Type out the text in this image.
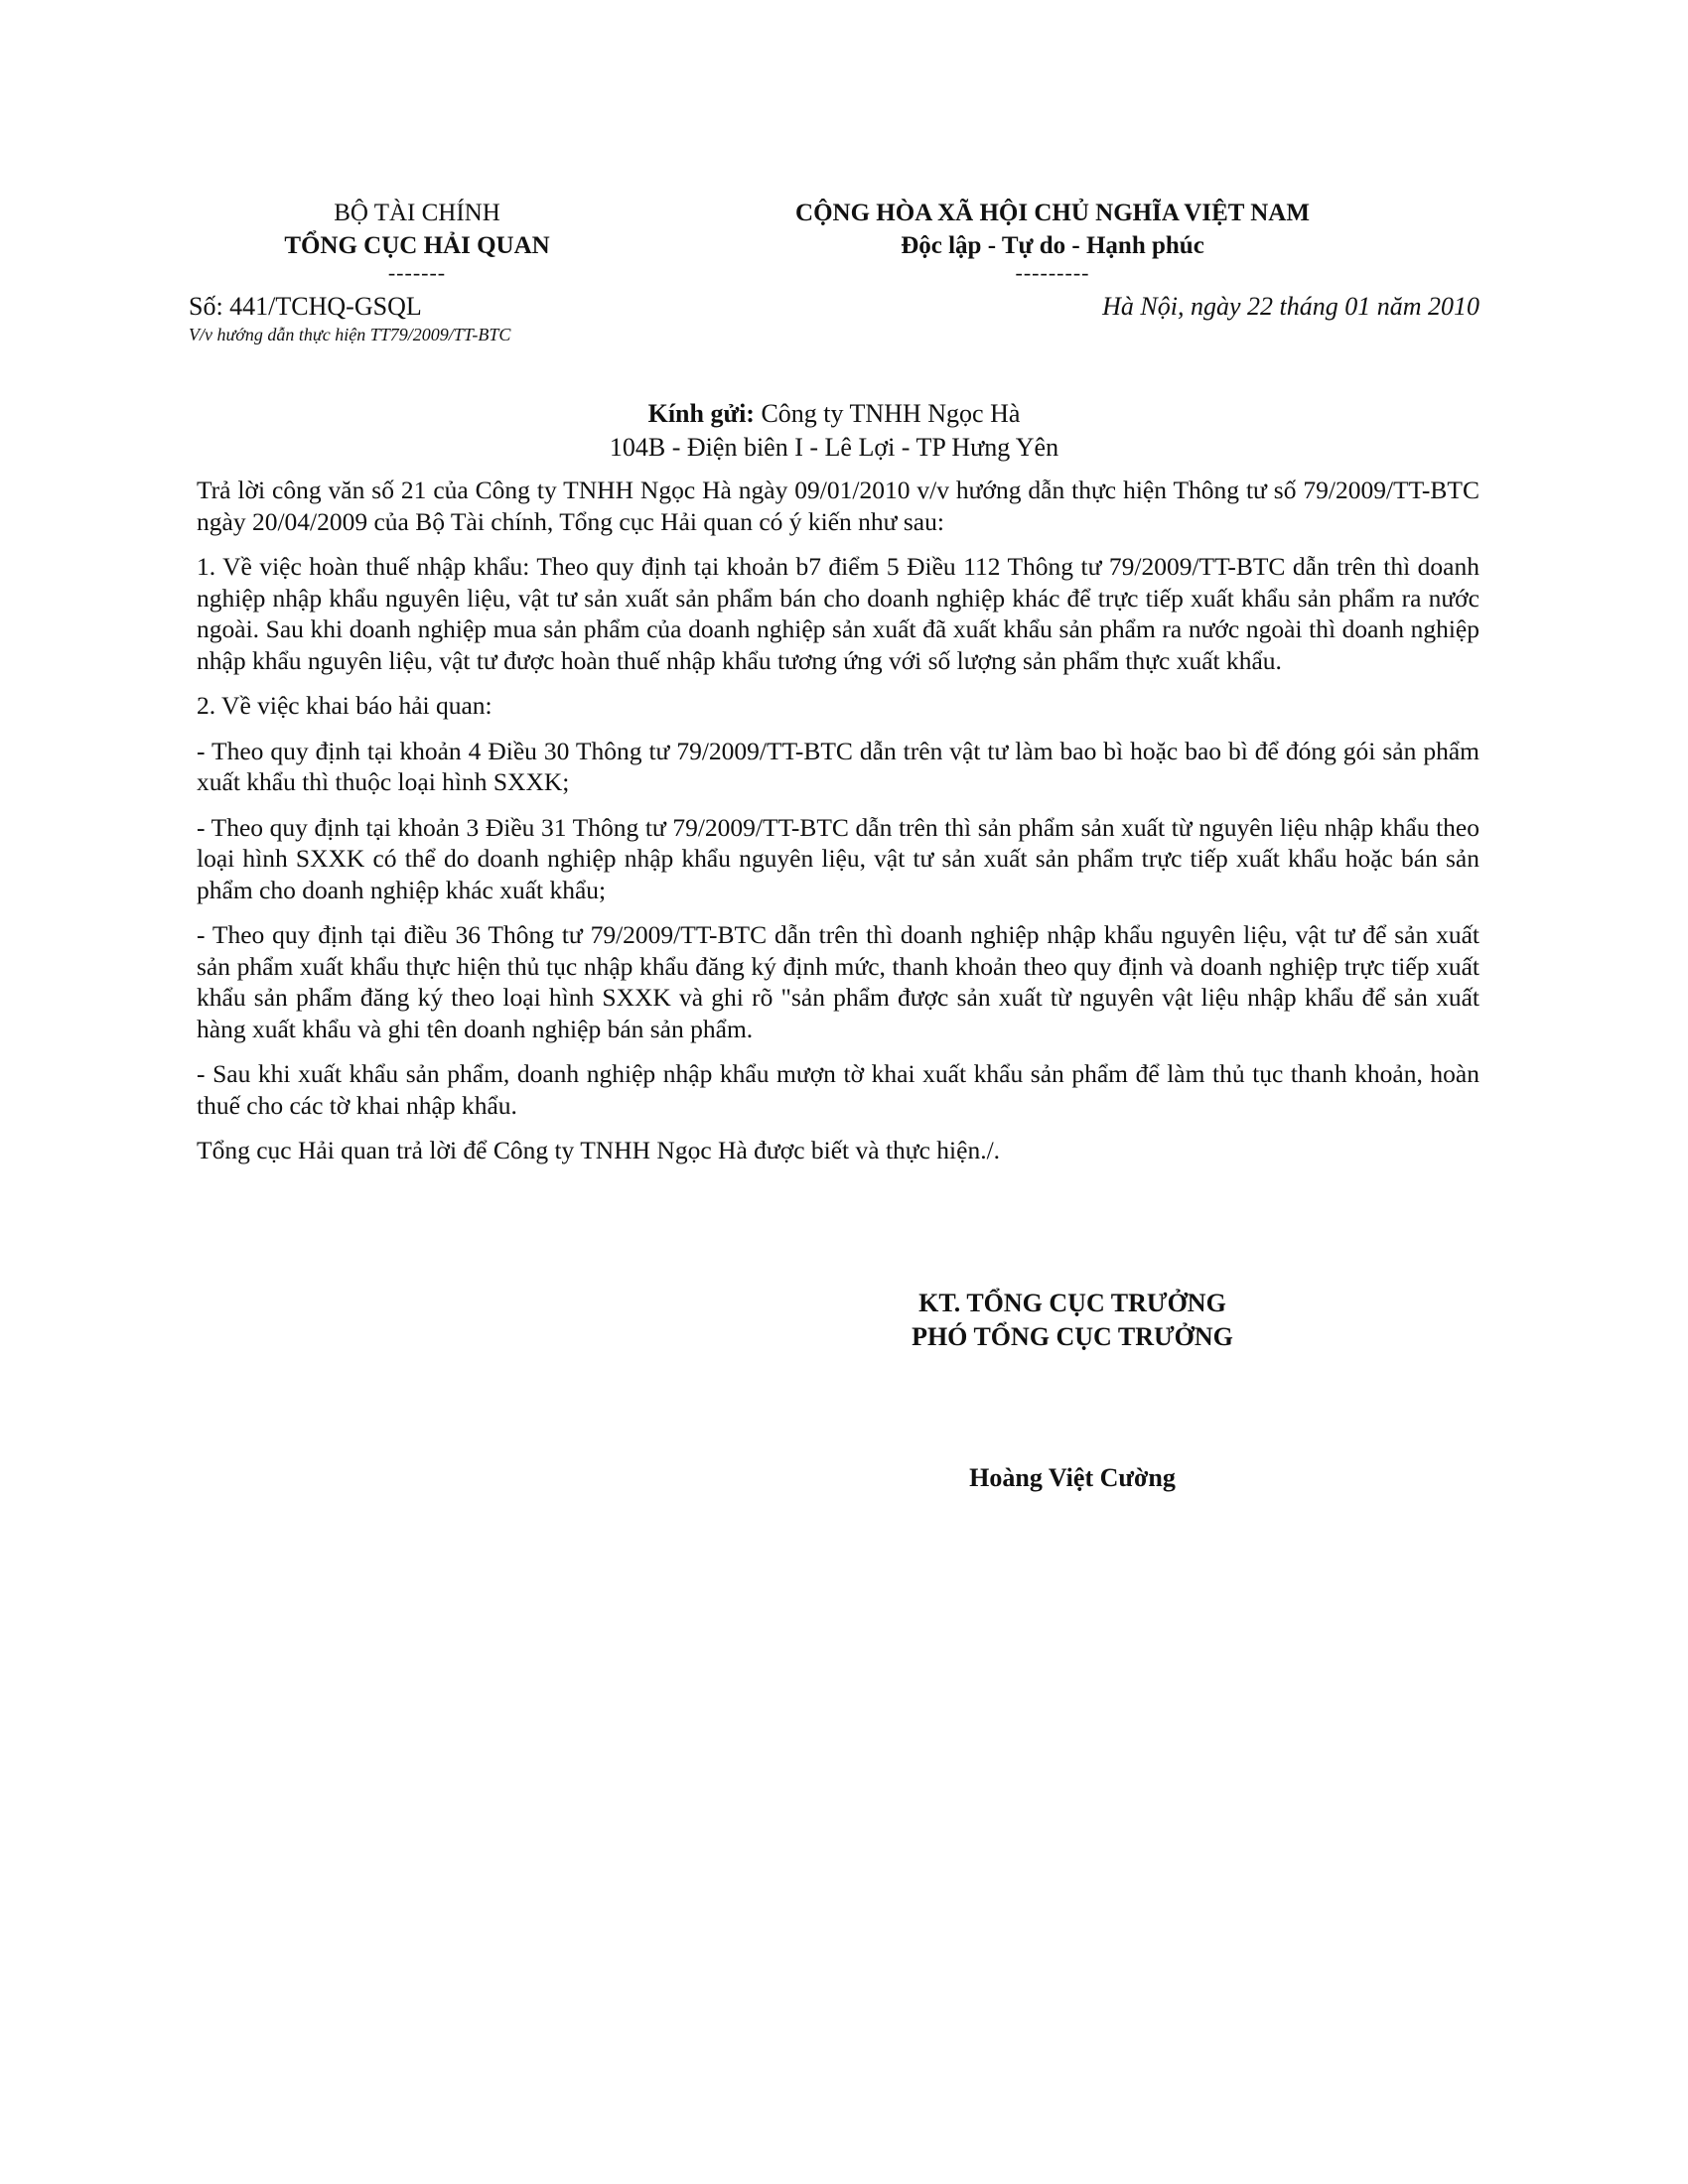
BỘ TÀI CHÍNH
TỔNG CỤC HẢI QUAN
-------
CỘNG HÒA XÃ HỘI CHỦ NGHĨA VIỆT NAM
Độc lập - Tự do - Hạnh phúc
---------
Số: 441/TCHQ-GSQL
V/v hướng dẫn thực hiện TT79/2009/TT-BTC
Hà Nội, ngày 22 tháng 01 năm 2010
Kính gửi: Công ty TNHH Ngọc Hà
104B - Điện biên I - Lê Lợi - TP Hưng Yên

Trả lời công văn số 21 của Công ty TNHH Ngọc Hà ngày 09/01/2010 v/v hướng dẫn thực hiện Thông tư số 79/2009/TT-BTC ngày 20/04/2009 của Bộ Tài chính, Tổng cục Hải quan có ý kiến như sau:

1. Về việc hoàn thuế nhập khẩu: Theo quy định tại khoản b7 điểm 5 Điều 112 Thông tư 79/2009/TT-BTC dẫn trên thì doanh nghiệp nhập khẩu nguyên liệu, vật tư sản xuất sản phẩm bán cho doanh nghiệp khác để trực tiếp xuất khẩu sản phẩm ra nước ngoài. Sau khi doanh nghiệp mua sản phẩm của doanh nghiệp sản xuất đã xuất khẩu sản phẩm ra nước ngoài thì doanh nghiệp nhập khẩu nguyên liệu, vật tư được hoàn thuế nhập khẩu tương ứng với số lượng sản phẩm thực xuất khẩu.

2. Về việc khai báo hải quan:

- Theo quy định tại khoản 4 Điều 30 Thông tư 79/2009/TT-BTC dẫn trên vật tư làm bao bì hoặc bao bì để đóng gói sản phẩm xuất khẩu thì thuộc loại hình SXXK;

- Theo quy định tại khoản 3 Điều 31 Thông tư 79/2009/TT-BTC dẫn trên thì sản phẩm sản xuất từ nguyên liệu nhập khẩu theo loại hình SXXK có thể do doanh nghiệp nhập khẩu nguyên liệu, vật tư sản xuất sản phẩm trực tiếp xuất khẩu hoặc bán sản phẩm cho doanh nghiệp khác xuất khẩu;

- Theo quy định tại điều 36 Thông tư 79/2009/TT-BTC dẫn trên thì doanh nghiệp nhập khẩu nguyên liệu, vật tư để sản xuất sản phẩm xuất khẩu thực hiện thủ tục nhập khẩu đăng ký định mức, thanh khoản theo quy định và doanh nghiệp trực tiếp xuất khẩu sản phẩm đăng ký theo loại hình SXXK và ghi rõ "sản phẩm được sản xuất từ nguyên vật liệu nhập khẩu để sản xuất hàng xuất khẩu và ghi tên doanh nghiệp bán sản phẩm.

- Sau khi xuất khẩu sản phẩm, doanh nghiệp nhập khẩu mượn tờ khai xuất khẩu sản phẩm để làm thủ tục thanh khoản, hoàn thuế cho các tờ khai nhập khẩu.

Tổng cục Hải quan trả lời để Công ty TNHH Ngọc Hà được biết và thực hiện./.

KT. TỔNG CỤC TRƯỞNG
PHÓ TỔNG CỤC TRƯỞNG
Hoàng Việt Cường
